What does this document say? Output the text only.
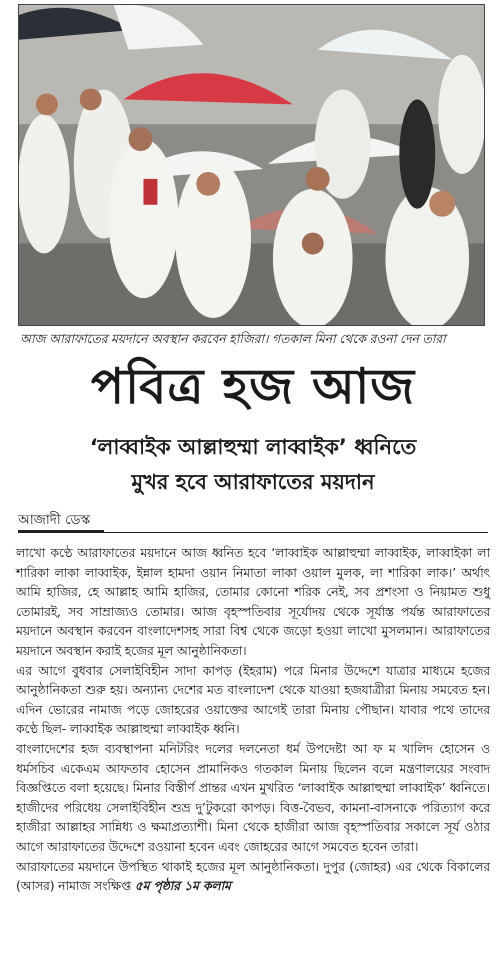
আজ আরাফাতের ময়দানে অবস্থান করবেন হাজিরা। গতকাল মিনা থেকে রওনা দেন তারা
পবিত্র হজ আজ
‘লাব্বাইক আল্লাহুম্মা লাব্বাইক’ ধ্বনিতে
মুখর হবে আরাফাতের ময়দান
আজাদী ডেস্ক

লাখো কণ্ঠে আরাফাতের ময়দানে আজ ধ্বনিত হবে ‘লাব্বাইক আল্লাহুম্মা লাব্বাইক, লাব্বাইকা লা শারিকা লাকা লাব্বাইক, ইন্নাল হামদা ওয়ান নিমাতা লাকা ওয়াল মুলক, লা শারিকা লাক।’ অর্থাৎ আমি হাজির, হে আল্লাহ আমি হাজির, তোমার কোনো শরিক নেই, সব প্রশংসা ও নিয়ামত শুধু তোমারই, সব সাম্রাজ্যও তোমার। আজ বৃহস্পতিবার সূর্যোদয় থেকে সূর্যাস্ত পর্যন্ত আরাফাতের ময়দানে অবস্থান করবেন বাংলাদেশসহ সারা বিশ্ব থেকে জড়ো হওয়া লাখো মুসলমান। আরাফাতের ময়দানে অবস্থান করাই হজের মূল আনুষ্ঠানিকতা।

এর আগে বুধবার সেলাইবিহীন সাদা কাপড় (ইহরাম) পরে মিনার উদ্দেশে যাত্রার মাধ্যমে হজের আনুষ্ঠানিকতা শুরু হয়। অন্যান্য দেশের মত বাংলাদেশ থেকে যাওয়া হজযাত্রীরা মিনায় সমবেত হন। এদিন ভোরের নামাজ পড়ে জোহরের ওয়াক্তের আগেই তারা মিনায় পৌছান। যাবার পথে তাদের কণ্ঠে ছিল- লাব্বাইক আল্লাহুম্মা লাব্বাইক ধ্বনি।

বাংলাদেশের হজ ব্যবস্থাপনা মনিটরিং দলের দলনেতা ধর্ম উপদেষ্টা আ ফ ম খালিদ হোসেন ও ধর্মসচিব একেএম আফতাব হোসেন প্রামানিকও গতকাল মিনায় ছিলেন বলে মন্ত্রণালয়ের সংবাদ বিজ্ঞপ্তিতে বলা হয়েছে। মিনার বিস্তীর্ণ প্রান্তর এখন মুখরিত ‘লাব্বাইক আল্লাহুম্মা লাব্বাইক’ ধ্বনিতে। হাজীদের পরিধেয় সেলাইবিহীন শুভ্র দু’টুকরো কাপড়। বিত্ত-বৈভব, কামনা-বাসনাকে পরিত্যাগ করে হাজীরা আল্লাহর সান্নিধ্য ও ক্ষমাপ্রত্যাশী। মিনা থেকে হাজীরা আজ বৃহস্পতিবার সকালে সূর্য ওঠার আগে আরাফাতের উদ্দেশে রওয়ানা হবেন এবং জোহরের আগে সমবেত হবেন তারা।

আরাফাতের ময়দানে উপস্থিত থাকাই হজের মূল আনুষ্ঠানিকতা। দুপুর (জোহর) এর থেকে বিকালের (আসর) নামাজ সংক্ষিপ্ত ৫ম পৃষ্ঠার ১ম কলাম
